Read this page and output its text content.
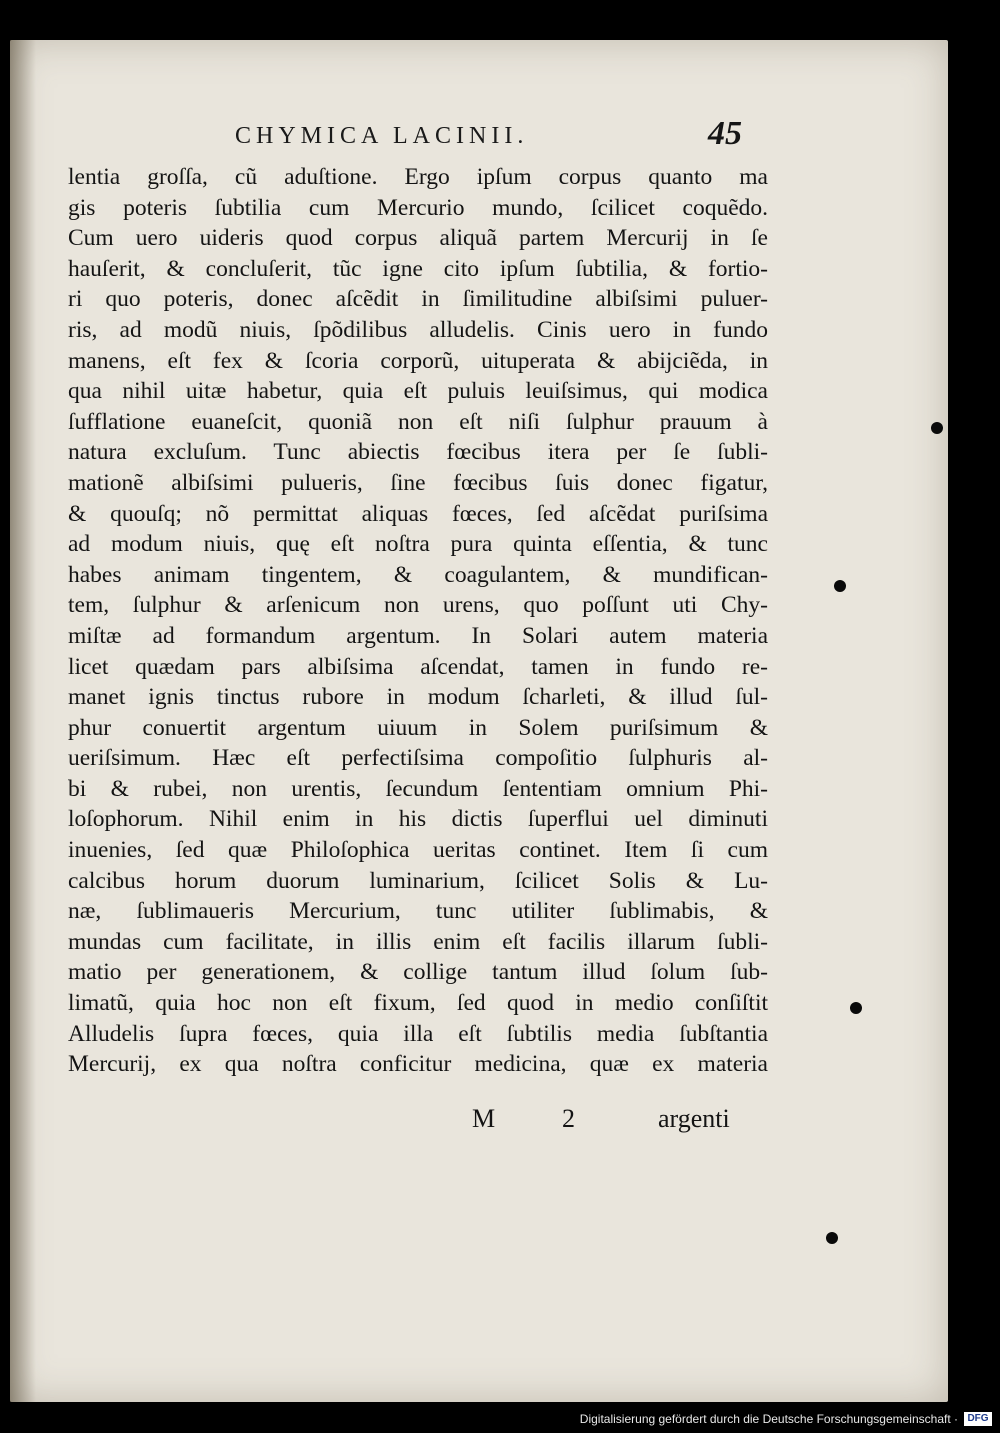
CHYMICA LACINII.	45
lentia groſſa, cũ aduſtione. Ergo ipſum corpus quanto ma
gis poteris ſubtilia cum Mercurio mundo, ſcilicet coquẽdo.
Cum uero uideris quod corpus aliquã partem Mercurij in ſe
hauſerit, & concluſerit, tũc igne cito ipſum ſubtilia, & fortio-
ri quo poteris, donec aſcẽdit in ſimilitudine albiſsimi puluer-
ris, ad modũ niuis, ſpõdilibus alludelis. Cinis uero in fundo
manens, eſt fex & ſcoria corporũ, uituperata & abijciẽda, in
qua nihil uitæ habetur, quia eſt puluis leuiſsimus, qui modica
ſufflatione euaneſcit, quoniã non eſt niſi ſulphur prauum à
natura excluſum. Tunc abiectis fœcibus itera per ſe ſubli-
mationẽ albiſsimi pulueris, ſine fœcibus ſuis donec figatur,
& quouſq; nõ permittat aliquas fœces, ſed aſcẽdat puriſsima
ad modum niuis, quę eſt noſtra pura quinta eſſentia, & tunc
habes animam tingentem, & coagulantem, & mundifican-
tem, ſulphur & arſenicum non urens, quo poſſunt uti Chy-
miſtæ ad formandum argentum. In Solari autem materia
licet quædam pars albiſsima aſcendat, tamen in fundo re-
manet ignis tinctus rubore in modum ſcharleti, & illud ſul-
phur conuertit argentum uiuum in Solem puriſsimum &
ueriſsimum. Hæc eſt perfectiſsima compoſitio ſulphuris al-
bi & rubei, non urentis, ſecundum ſententiam omnium Phi-
loſophorum. Nihil enim in his dictis ſuperflui uel diminuti
inuenies, ſed quæ Philoſophica ueritas continet. Item ſi cum
calcibus horum duorum luminarium, ſcilicet Solis & Lu-
næ, ſublimaueris Mercurium, tunc utiliter ſublimabis, &
mundas cum facilitate, in illis enim eſt facilis illarum ſubli-
matio per generationem, & collige tantum illud ſolum ſub-
limatũ, quia hoc non eſt fixum, ſed quod in medio conſiſtit
Alludelis ſupra fœces, quia illa eſt ſubtilis media ſubſtantia
Mercurij, ex qua noſtra conficitur medicina, quæ ex materia
M	2	argenti
Digitalisierung gefördert durch die Deutsche Forschungsgemeinschaft · DFG
